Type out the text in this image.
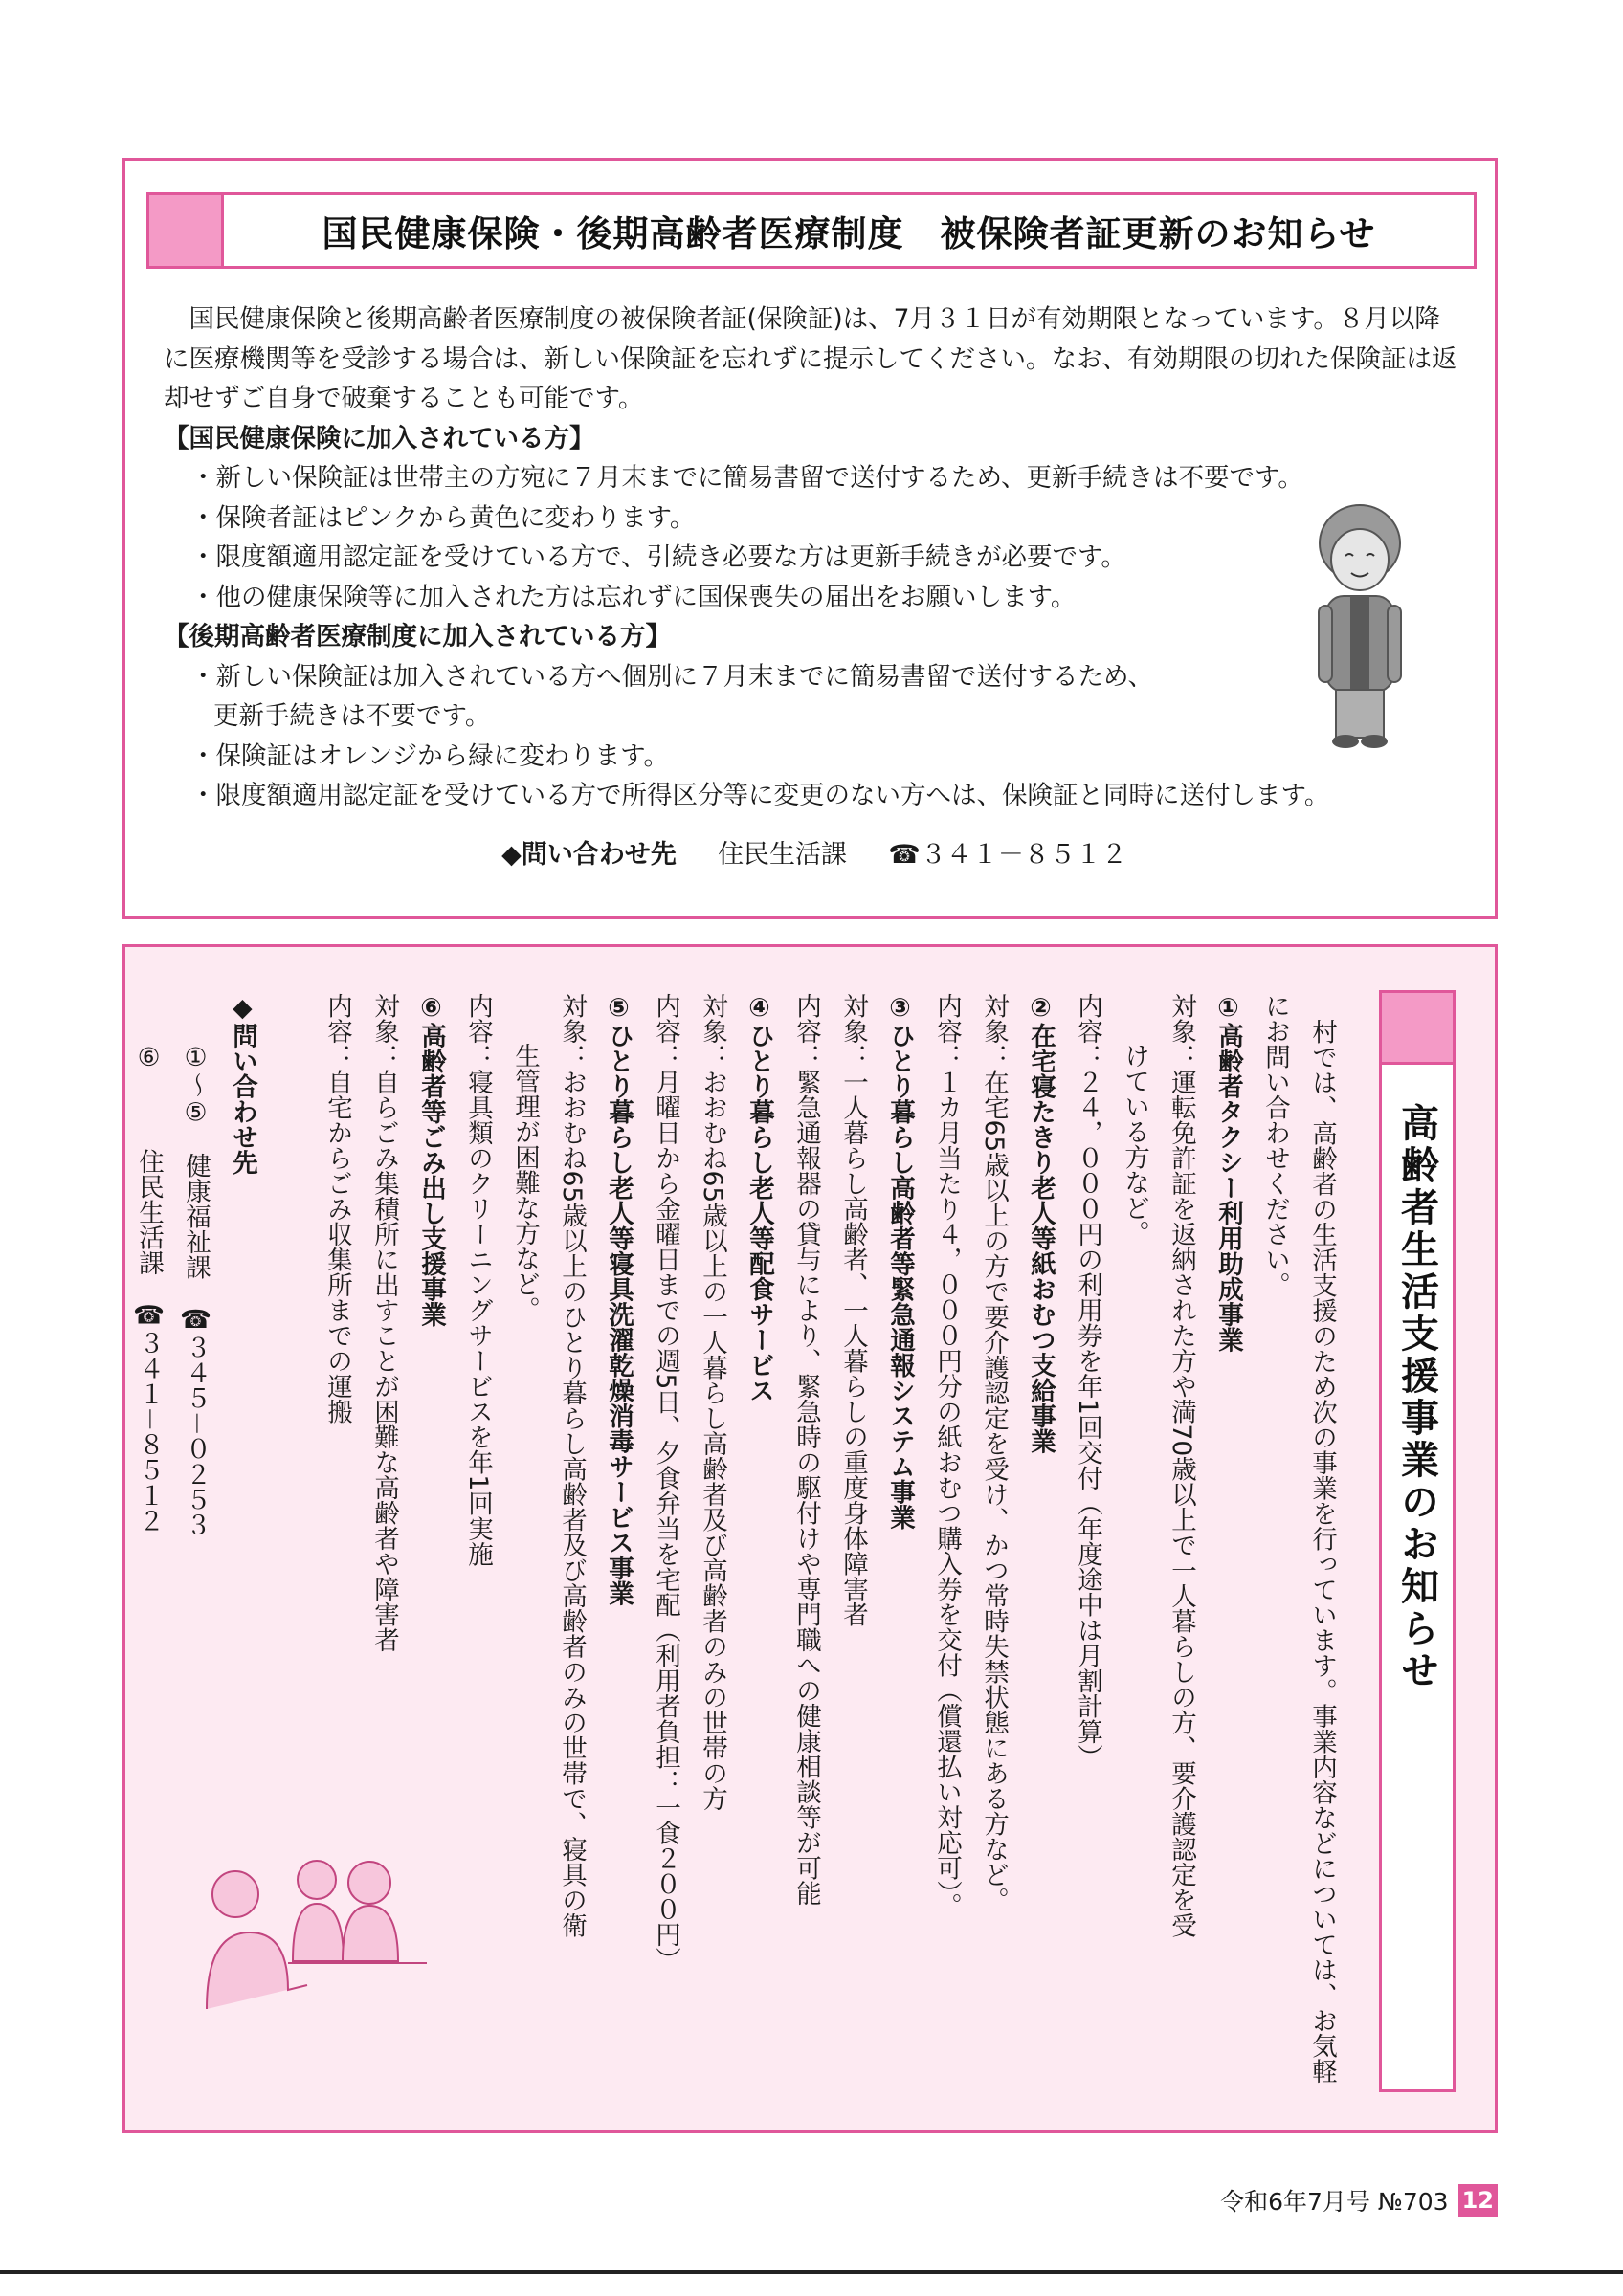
国民健康保険・後期高齢者医療制度　被保険者証更新のお知らせ
国民健康保険と後期高齢者医療制度の被保険者証(保険証)は、7月３１日が有効期限となっています。８月以降に医療機関等を受診する場合は、新しい保険証を忘れずに提示してください。なお、有効期限の切れた保険証は返却せずご自身で破棄することも可能です。
【国民健康保険に加入されている方】
・新しい保険証は世帯主の方宛に７月末までに簡易書留で送付するため、更新手続きは不要です。
・保険者証はピンクから黄色に変わります。
・限度額適用認定証を受けている方で、引続き必要な方は更新手続きが必要です。
・他の健康保険等に加入された方は忘れずに国保喪失の届出をお願いします。
【後期高齢者医療制度に加入されている方】
・新しい保険証は加入されている方へ個別に７月末までに簡易書留で送付するため、
更新手続きは不要です。
・保険証はオレンジから緑に変わります。
・限度額適用認定証を受けている方で所得区分等に変更のない方へは、保険証と同時に送付します。
◆問い合わせ先 住民生活課 ☎３４１－８５１２
高齢者生活支援事業のお知らせ
村では、高齢者の生活支援のため次の事業を行っています。事業内容などについては、お気軽にお問い合わせください。
①高齢者タクシー利用助成事業
対象：運転免許証を返納された方や満70歳以上で一人暮らしの方、要介護認定を受
けている方など。
内容：２４，０００円の利用券を年1回交付（年度途中は月割計算）
②在宅寝たきり老人等紙おむつ支給事業
対象：在宅65歳以上の方で要介護認定を受け、かつ常時失禁状態にある方など。
内容：１カ月当たり４，０００円分の紙おむつ購入券を交付（償還払い対応可）。
③ひとり暮らし高齢者等緊急通報システム事業
対象：一人暮らし高齢者、一人暮らしの重度身体障害者
内容：緊急通報器の貸与により、緊急時の駆付けや専門職への健康相談等が可能
④ひとり暮らし老人等配食サービス
対象：おおむね65歳以上の一人暮らし高齢者及び高齢者のみの世帯の方
内容：月曜日から金曜日までの週5日、夕食弁当を宅配（利用者負担：一食２００円）
⑤ひとり暮らし老人等寝具洗濯乾燥消毒サービス事業
対象：おおむね65歳以上のひとり暮らし高齢者及び高齢者のみの世帯で、寝具の衛
生管理が困難な方など。
内容：寝具類のクリーニングサービスを年1回実施
⑥高齢者等ごみ出し支援事業
対象：自らごみ集積所に出すことが困難な高齢者や障害者
内容：自宅からごみ収集所までの運搬
◆問い合わせ先
①～⑤　健康福祉課　☎３４５－０２５３
⑥　　　住民生活課　☎３４１－８５１２
令和6年7月号 №703 12
